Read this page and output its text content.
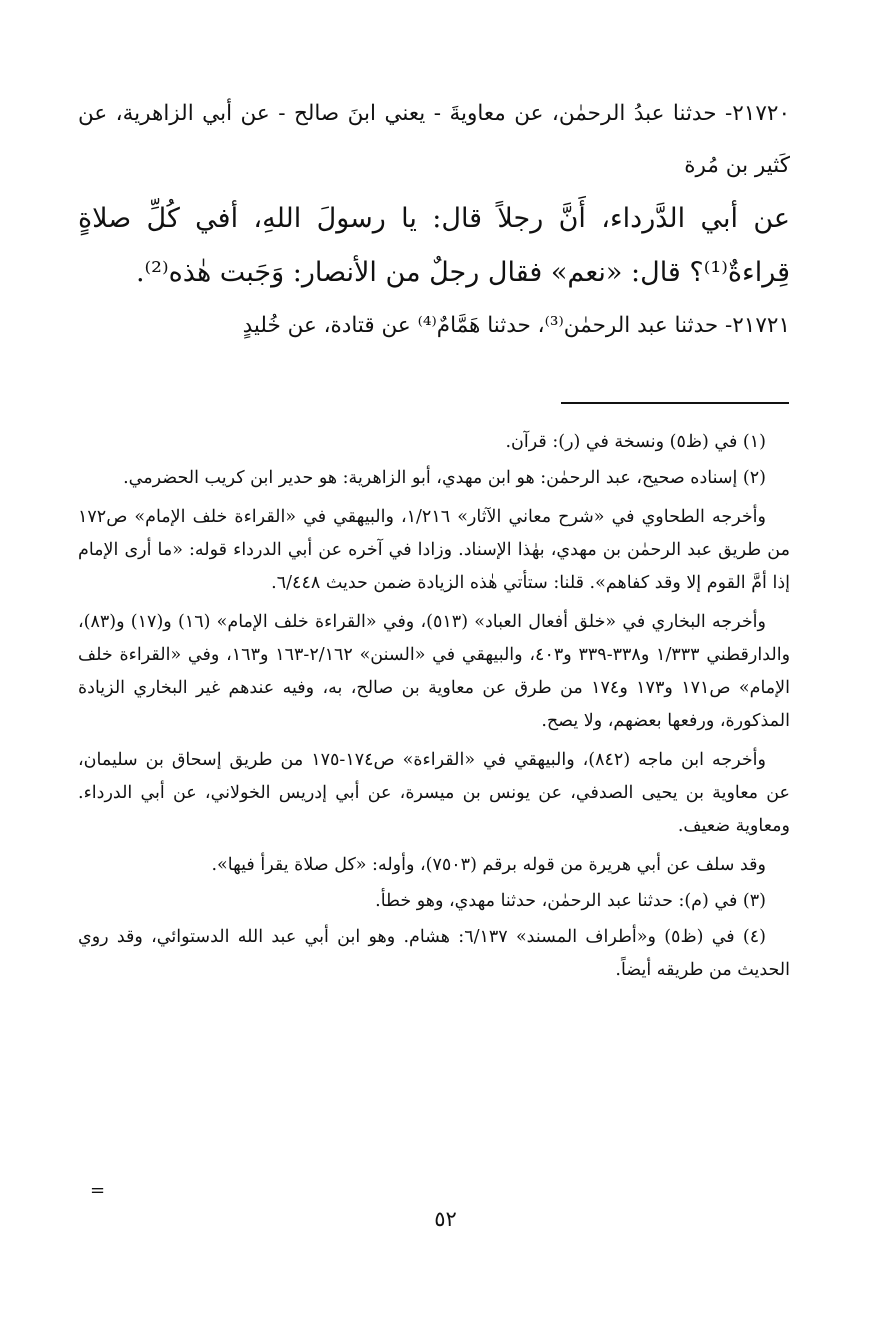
٢١٧٢٠- حدثنا عبدُ الرحمٰن، عن معاويةَ - يعني ابنَ صالح - عن أبي الزاهرية، عن كَثير بن مُرة

عن أبي الدَّرداء، أَنَّ رجلاً قال: يا رسولَ اللهِ، أفي كُلِّ صلاةٍ قِراءةٌ⁽¹⁾؟ قال: «نعم» فقال رجلٌ من الأنصار: وَجَبت هٰذه⁽²⁾.

٢١٧٢١- حدثنا عبد الرحمٰن⁽³⁾، حدثنا هَمَّامٌ⁽⁴⁾ عن قتادة، عن خُليدٍ

(١) في (ظ٥) ونسخة في (ر): قرآن.

(٢) إسناده صحيح، عبد الرحمٰن: هو ابن مهدي، أبو الزاهرية: هو حدير ابن كريب الحضرمي.

وأخرجه الطحاوي في «شرح معاني الآثار» ١/٢١٦، والبيهقي في «القراءة خلف الإمام» ص١٧٢ من طريق عبد الرحمٰن بن مهدي، بهٰذا الإسناد. وزادا في آخره عن أبي الدرداء قوله: «ما أرى الإمام إذا أمَّ القوم إلا وقد كفاهم». قلنا: ستأتي هٰذه الزيادة ضمن حديث ٦/٤٤٨.

وأخرجه البخاري في «خلق أفعال العباد» (٥١٣)، وفي «القراءة خلف الإمام» (١٦) و(١٧) و(٨٣)، والدارقطني ١/٣٣٣ و٣٣٨-٣٣٩ و٤٠٣، والبيهقي في «السنن» ٢/١٦٢-١٦٣ و١٦٣، وفي «القراءة خلف الإمام» ص١٧١ و١٧٣ و١٧٤ من طرق عن معاوية بن صالح، به، وفيه عندهم غير البخاري الزيادة المذكورة، ورفعها بعضهم، ولا يصح.

وأخرجه ابن ماجه (٨٤٢)، والبيهقي في «القراءة» ص١٧٤-١٧٥ من طريق إسحاق بن سليمان، عن معاوية بن يحيى الصدفي، عن يونس بن ميسرة، عن أبي إدريس الخولاني، عن أبي الدرداء. ومعاوية ضعيف.

وقد سلف عن أبي هريرة من قوله برقم (٧٥٠٣)، وأوله: «كل صلاة يقرأ فيها».

(٣) في (م): حدثنا عبد الرحمٰن، حدثنا مهدي، وهو خطأ.

(٤) في (ظ٥) و«أطراف المسند» ٦/١٣٧: هشام. وهو ابن أبي عبد الله الدستوائي، وقد روي الحديث من طريقه أيضاً.

=
٥٢
